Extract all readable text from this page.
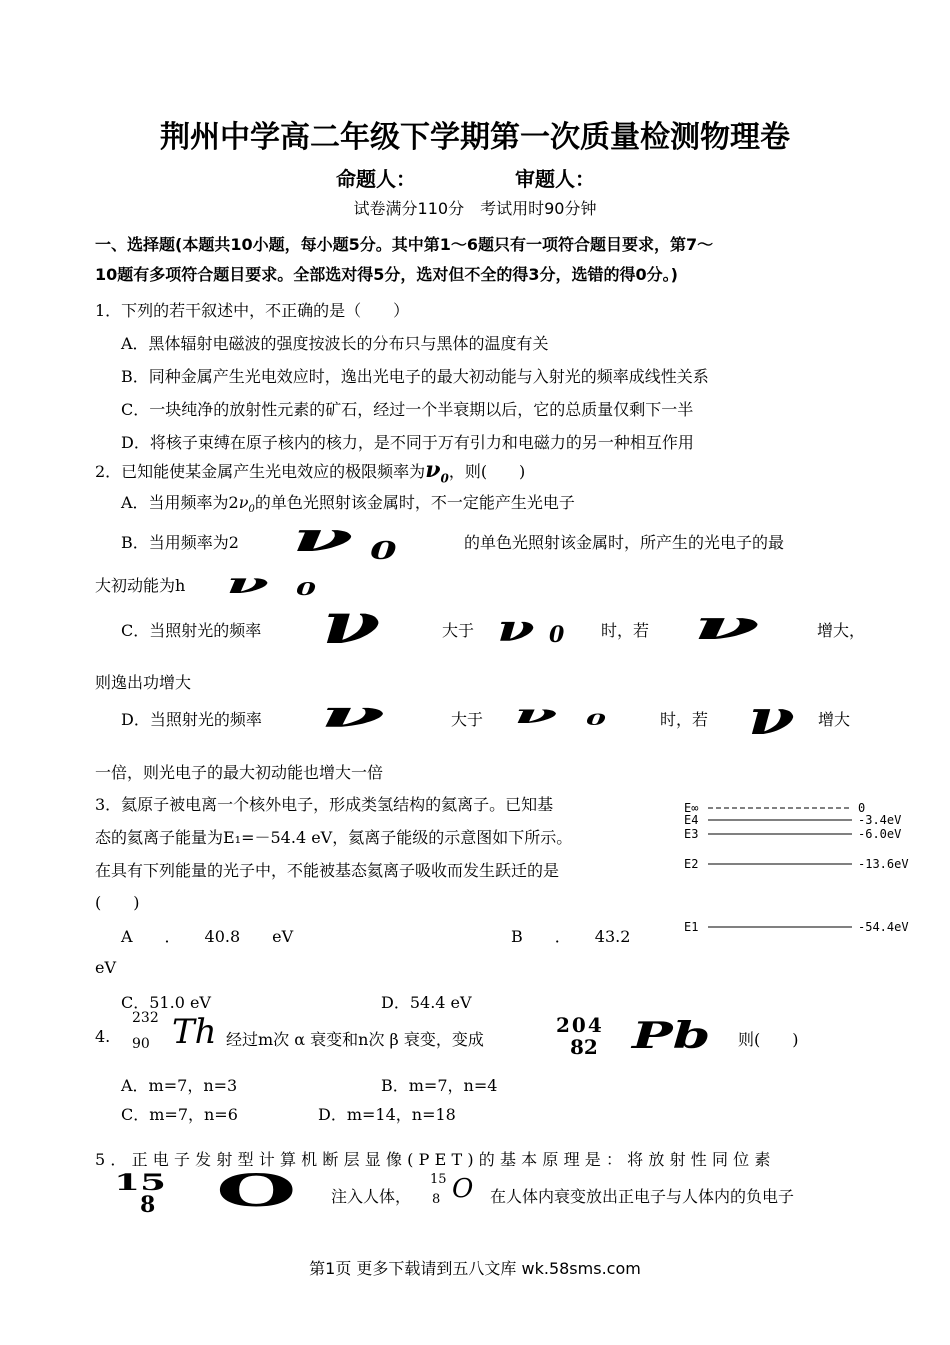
荆州中学高二年级下学期第一次质量检测物理卷
命题人：	审题人：
试卷满分110分　考试用时90分钟
一、选择题(本题共10小题，每小题5分。其中第1～6题只有一项符合题目要求，第7～
10题有多项符合题目要求。全部选对得5分，选对但不全的得3分，选错的得0分。)
1．下列的若干叙述中，不正确的是（　　）
A．黑体辐射电磁波的强度按波长的分布只与黑体的温度有关
B．同种金属产生光电效应时，逸出光电子的最大初动能与入射光的频率成线性关系
C．一块纯净的放射性元素的矿石，经过一个半衰期以后，它的总质量仅剩下一半
D．将核子束缚在原子核内的核力，是不同于万有引力和电磁力的另一种相互作用
2．已知能使某金属产生光电效应的极限频率为$\nu_0$，则(　　)
A．当用频率为$2\nu_0$的单色光照射该金属时，不一定能产生光电子
B．当用频率为2 ν 0	的单色光照射该金属时，所产生的光电子的最
大初动能为h ν 0
C．当照射光的频率 ν	大于 ν 0 时，若 ν	增大，
则逸出功增大
D．当照射光的频率 ν	大于 ν 0	时，若 ν 增大
一倍，则光电子的最大初动能也增大一倍
3．氦原子被电离一个核外电子，形成类氢结构的氦离子。已知基
态的氦离子能量为E₁=－54.4 eV，氦离子能级的示意图如下所示。
在具有下列能量的光子中，不能被基态氦离子吸收而发生跃迁的是
(　　)
A　　．　　40.8　　eV	B　　．　　43.2
eV
C．51.0 eV	D．54.4 eV
E∞	0
E4	-3.4eV
E3	-6.0eV
E2	-13.6eV
E1	-54.4eV
4.
232
90 Th 经过m次 α 衰变和n次 β 衰变，变成
204
82 Pb 则(　　)
A．m=7，n=3	B．m=7，n=4
C．m=7，n=6	D．m=14，n=18
5．正电子发射型计算机断层显像(PET)的基本原理是：将放射性同位素
15
8 O 注入人体，
15
8 O 在人体内衰变放出正电子与人体内的负电子
第1页 更多下载请到五八文库 wk.58sms.com
